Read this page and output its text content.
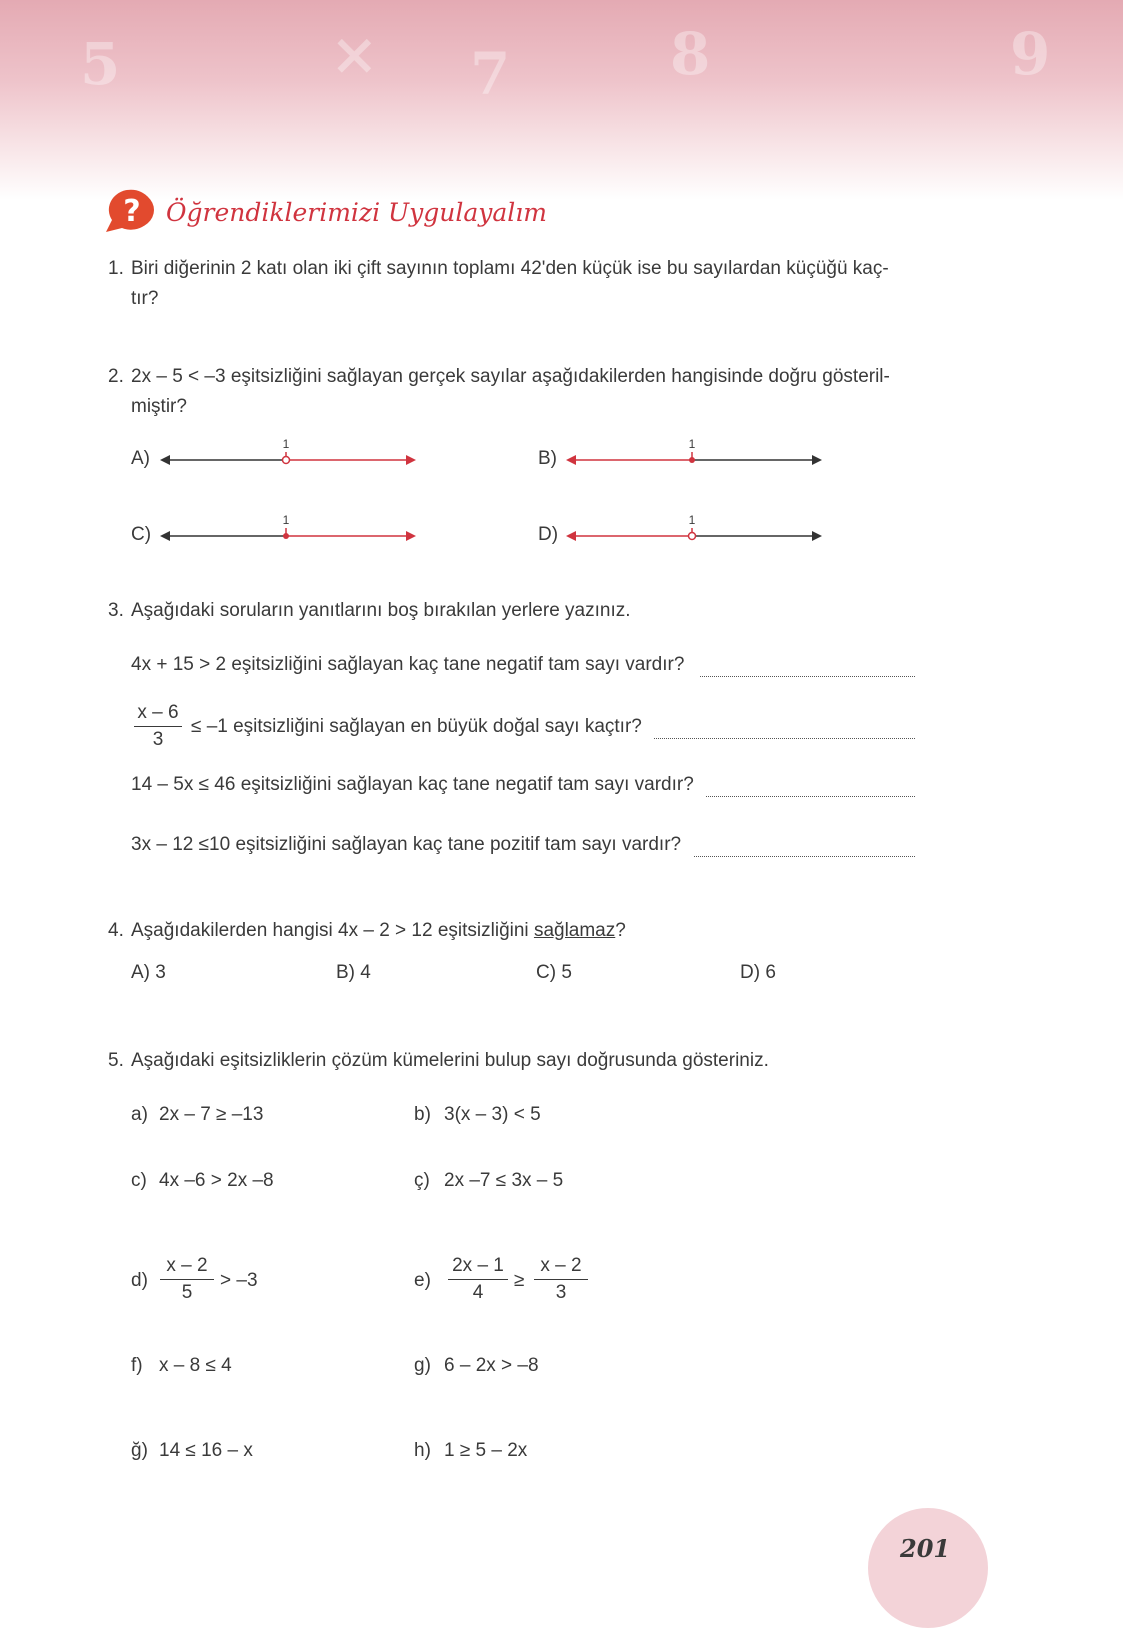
5	× 7	8	9
? Öğrendiklerimizi Uygulayalım
1. Biri diğerinin 2 katı olan iki çift sayının toplamı 42'den küçük ise bu sayılardan küçüğü kaç-
tır?
2. 2x – 5 < –3 eşitsizliğini sağlayan gerçek sayılar aşağıdakilerden hangisinde doğru gösteril-
miştir?
A)
1
B)
1
C)
1
D)
1
3. Aşağıdaki soruların yanıtlarını boş bırakılan yerlere yazınız.
4x + 15 > 2 eşitsizliğini sağlayan kaç tane negatif tam sayı vardır?
x – 6
3
≤ –1 eşitsizliğini sağlayan en büyük doğal sayı kaçtır?
14 – 5x ≤ 46 eşitsizliğini sağlayan kaç tane negatif tam sayı vardır?
3x – 12 ≤10 eşitsizliğini sağlayan kaç tane pozitif tam sayı vardır?
4. Aşağıdakilerden hangisi 4x – 2 > 12 eşitsizliğini sağlamaz?
A) 3	B) 4	C) 5	D) 6
5. Aşağıdaki eşitsizliklerin çözüm kümelerini bulup sayı doğrusunda gösteriniz.
a) 2x – 7 ≥ –13	b) 3(x – 3) < 5
c) 4x –6 > 2x –8	ç) 2x –7 ≤ 3x – 5
d)
x – 2
5
> –3	e)
2x – 1
4
≥
x – 2
3
f) x – 8 ≤ 4	g) 6 – 2x > –8
ğ) 14 ≤ 16 – x	h) 1 ≥ 5 – 2x
201
